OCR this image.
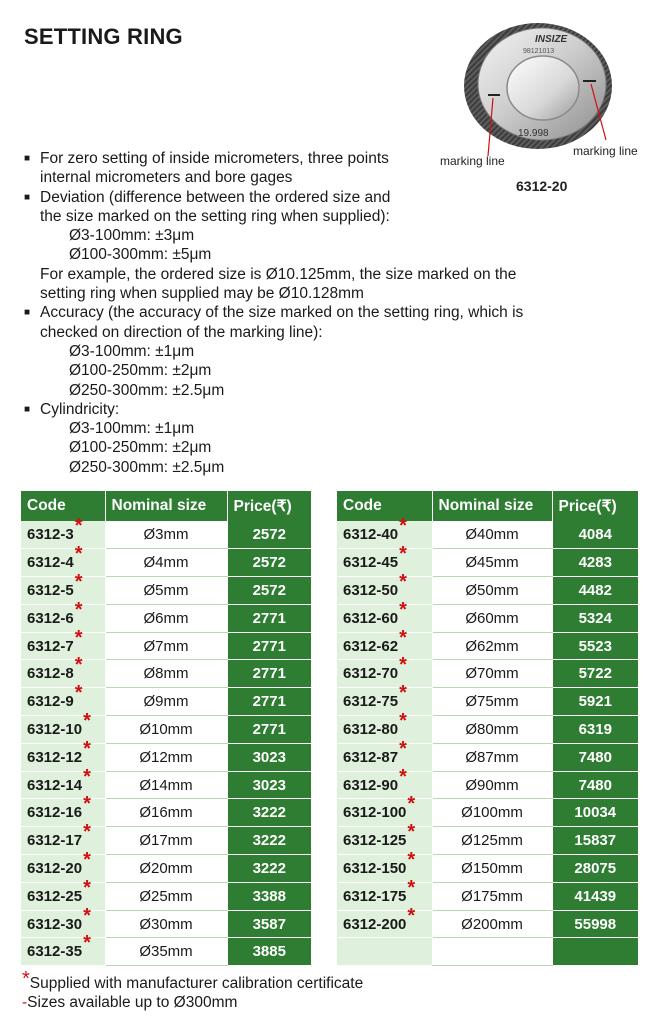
SETTING RING	INSIZE
98121013
19.998
marking line
marking line
6312-20
■ For zero setting of inside micrometers, three points
internal micrometers and bore gages
■ Deviation (difference between the ordered size and
the size marked on the setting ring when supplied):
Ø3-100mm: ±3μm
Ø100-300mm: ±5μm
For example, the ordered size is Ø10.125mm, the size marked on the
setting ring when supplied may be Ø10.128mm
■ Accuracy (the accuracy of the size marked on the setting ring, which is
checked on direction of the marking line):
Ø3-100mm: ±1μm
Ø100-250mm: ±2μm
Ø250-300mm: ±2.5μm
■ Cylindricity:
Ø3-100mm: ±1μm
Ø100-250mm: ±2μm
Ø250-300mm: ±2.5μm
Code	Nominal size	Price(₹)
6312-3*	Ø3mm	2572
6312-4*	Ø4mm	2572
6312-5*	Ø5mm	2572
6312-6*	Ø6mm	2771
6312-7*	Ø7mm	2771
6312-8*	Ø8mm	2771
6312-9*	Ø9mm	2771
6312-10*	Ø10mm	2771
6312-12*	Ø12mm	3023
6312-14*	Ø14mm	3023
6312-16*	Ø16mm	3222
6312-17*	Ø17mm	3222
6312-20*	Ø20mm	3222
6312-25*	Ø25mm	3388
6312-30*	Ø30mm	3587
6312-35*	Ø35mm	3885
Code	Nominal size	Price(₹)
6312-40*	Ø40mm	4084
6312-45*	Ø45mm	4283
6312-50*	Ø50mm	4482
6312-60*	Ø60mm	5324
6312-62*	Ø62mm	5523
6312-70*	Ø70mm	5722
6312-75*	Ø75mm	5921
6312-80*	Ø80mm	6319
6312-87*	Ø87mm	7480
6312-90*	Ø90mm	7480
6312-100*	Ø100mm	10034
6312-125*	Ø125mm	15837
6312-150*	Ø150mm	28075
6312-175*	Ø175mm	41439
6312-200*	Ø200mm	55998

*Supplied with manufacturer calibration certificate
-Sizes available up to Ø300mm
